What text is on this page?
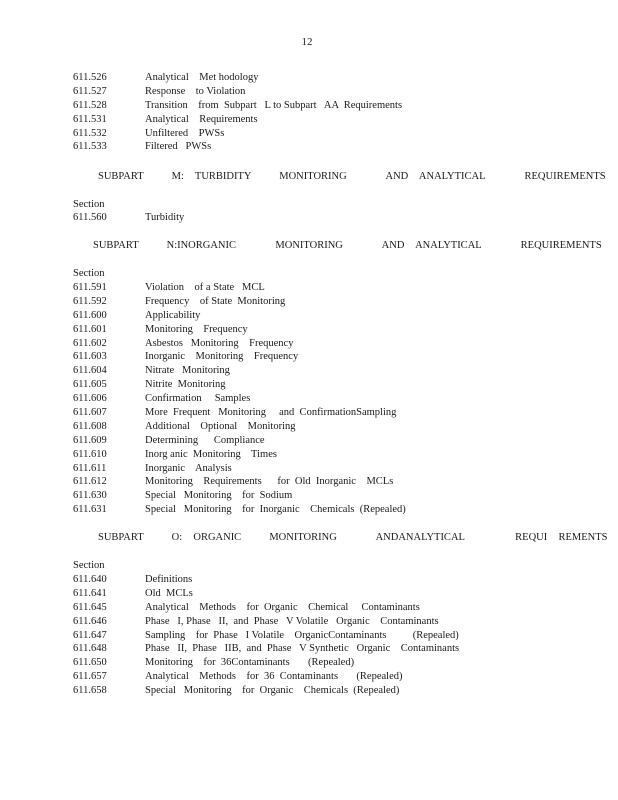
12
611.526	Analytical    Met hodology
611.527	Response    to Violation
611.528	Transition    from  Subpart   L to Subpart   AA  Requirements
611.531	Analytical    Requirements
611.532	Unfiltered    PWSs
611.533	Filtered   PWSs
SUBPART     M:  TURBIDITY     MONITORING       AND  ANALYTICAL       REQUIREMENTS
Section
611.560	Turbidity
SUBPART     N:INORGANIC       MONITORING       AND  ANALYTICAL       REQUIREMENTS
Section
611.591	Violation    of a State   MCL
611.592	Frequency    of State  Monitoring
611.600	Applicability
611.601	Monitoring    Frequency
611.602	Asbestos   Monitoring    Frequency
611.603	Inorganic    Monitoring    Frequency
611.604	Nitrate   Monitoring
611.605	Nitrite  Monitoring
611.606	Confirmation     Samples
611.607	More  Frequent   Monitoring     and  ConfirmationSampling
611.608	Additional    Optional    Monitoring
611.609	Determining      Compliance
611.610	Inorg anic  Monitoring    Times
611.611	Inorganic    Analysis
611.612	Monitoring    Requirements      for  Old  Inorganic    MCLs
611.630	Special   Monitoring    for  Sodium
611.631	Special   Monitoring    for  Inorganic    Chemicals  (Repealed)
SUBPART     O:  ORGANIC     MONITORING       ANDANALYTICAL         REQUI  REMENTS
Section
611.640	Definitions
611.641	Old  MCLs
611.645	Analytical    Methods    for  Organic    Chemical     Contaminants
611.646	Phase   I, Phase   II,  and  Phase   V Volatile   Organic    Contaminants
611.647	Sampling    for  Phase   I Volatile    OrganicContaminants          (Repealed)
611.648	Phase   II,  Phase   IIB,  and  Phase   V Synthetic   Organic    Contaminants
611.650	Monitoring    for  36Contaminants       (Repealed)
611.657	Analytical    Methods    for  36  Contaminants       (Repealed)
611.658	Special   Monitoring    for  Organic    Chemicals  (Repealed)
